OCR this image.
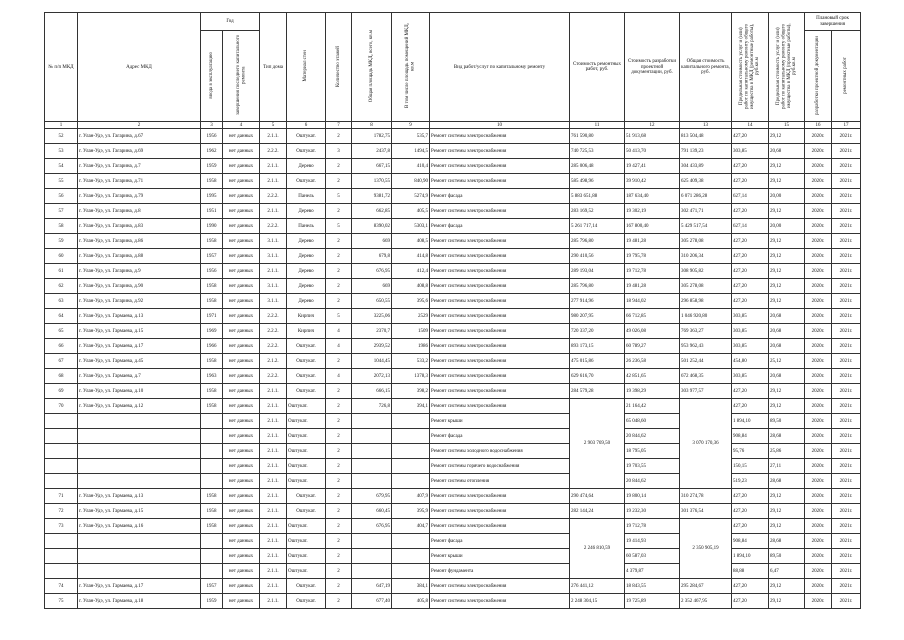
№ п/п МКД	Адрес МКД	Год		Тип дома	Материал стен	Количество этажей	Общая площадь МКД, всего, кв.м	В том числе площадь помещений МКД, кв.м	Вид работ/услуг по капитальному ремонту	Стоимость ремонтных работ, руб.	Стоимость разработки проектной документации, руб.	Общая стоимость капитального ремонта, руб.	Предельная стоимость услуг и (или) работ по капитальному ремонту общего имущества в МКД (ремонтные работы), руб.кв.м	Предельная стоимость услуг и (или) работ по капитальному ремонту общего имущества в МКД (проектные работы), руб.кв.м	Плановый срок завершения	
		ввода в эксплуатацию	завершения последнего капитального ремонта												разработки проектной документации	ремонтных работ
1	2	3	4	5	6	7	8	9	10	11	12	13	14	15	16	17
52	г. Улан-Удэ, ул. Гагарина, д.67	1956	нет данных	2.1.1.	Оштукат.	2	1782,75	535,7	Ремонт системы электроснабжения	761 590,80	51 913,68	813 504,48	427,20	29,12	2020г.	2021г.
53	г. Улан-Удэ, ул. Гагарина, д.69	1962	нет данных	2.2.2.	Оштукат.	3	2437,8	1494,5	Ремонт системы электроснабжения	740 725,53	50 413,70	791 139,23	303,85	20,68	2020г.	2021г.
54	г. Улан-Удэ, ул. Гагарина, д.7	1959	нет данных	2.1.1.	Дерево	2	667,15	410,4	Ремонт системы электроснабжения	285 006,48	19 427,41	304 433,89	427,20	29,12	2020г.	2021г.
55	г. Улан-Удэ, ул. Гагарина, д.71	1958	нет данных	2.1.1.	Оштукат.	2	1370,55	840,90	Ремонт системы электроснабжения	585 498,96	39 910,42	625 409,38	427,20	29,12	2020г.	2021г.
56	г. Улан-Удэ, ул. Гагарина, д.79	1995	нет данных	2.2.2.	Панель	5	9381,72	5274,9	Ремонт фасада	5 883 651,88	187 634,40	6 071 286,28	627,14	20,00	2020г.	2021г.
57	г. Улан-Удэ, ул. Гагарина, д.8	1951	нет данных	2.1.1.	Дерево	2	662,85	405,5	Ремонт системы электроснабжения	283 169,52	19 302,19	302 471,71	427,20	29,12	2020г.	2021г.
58	г. Улан-Удэ, ул. Гагарина, д.83	1990	нет данных	2.2.2.	Панель	5	8390,02	5303,1	Ремонт фасада	5 261 717,14	167 800,40	5 429 517,54	627,14	20,00	2020г.	2021г.
59	г. Улан-Удэ, ул. Гагарина, д.86	1958	нет данных	3.1.1.	Дерево	2	669	408,5	Ремонт системы электроснабжения	285 796,80	19 481,28	305 278,08	427,20	29,12	2020г.	2021г.
60	г. Улан-Удэ, ул. Гагарина, д.88	1957	нет данных	3.1.1.	Дерево	2	679,8	414,8	Ремонт системы электроснабжения	290 410,56	19 795,78	310 206,34	427,20	29,12	2020г.	2021г.
61	г. Улан-Удэ, ул. Гагарина, д.9	1956	нет данных	2.1.1.	Дерево	2	676,95	412,4	Ремонт системы электроснабжения	289 193,04	19 712,78	308 905,82	427,20	29,12	2020г.	2021г.
62	г. Улан-Удэ, ул. Гагарина, д.90	1958	нет данных	3.1.1.	Дерево	2	669	408,8	Ремонт системы электроснабжения	285 796,80	19 481,28	305 278,08	427,20	29,12	2020г.	2021г.
63	г. Улан-Удэ, ул. Гагарина, д.92	1958	нет данных	3.1.1.	Дерево	2	650,55	395,6	Ремонт системы электроснабжения	277 914,96	18 944,02	296 858,98	427,20	29,12	2020г.	2021г.
64	г. Улан-Удэ, ул. Гармаева, д.13	1971	нет данных	2.2.2.	Кирпич	5	3225,06	2529	Ремонт системы электроснабжения	980 207,95	66 712,85	1 046 920,80	303,85	20,68	2020г.	2021г.
65	г. Улан-Удэ, ул. Гармаева, д.15	1969	нет данных	2.2.2.	Кирпич	4	2370,7	1509	Ремонт системы электроснабжения	720 337,20	49 026,08	769 363,27	303,85	20,68	2020г.	2021г.
66	г. Улан-Удэ, ул. Гармаева, д.17	1966	нет данных	2.2.2.	Оштукат.	4	2939,52	1986	Ремонт системы электроснабжения	893 173,15	60 789,27	953 962,43	303,85	20,68	2020г.	2021г.
67	г. Улан-Удэ, ул. Гармаева, д.45	1958	нет данных	2.1.2.	Оштукат.	2	1044,45	533,2	Ремонт системы электроснабжения	475 015,86	26 236,58	501 252,44	454,80	25,12	2020г.	2021г.
68	г. Улан-Удэ, ул. Гармаева, д.7	1963	нет данных	2.2.2.	Оштукат.	4	2072,13	1378,3	Ремонт системы электроснабжения	629 616,70	42 851,65	672 468,35	303,85	20,68	2020г.	2021г.
69	г. Улан-Удэ, ул. Гармаева, д.10	1958	нет данных	2.1.1.	Оштукат.	2	666,15	398,2	Ремонт системы электроснабжения	284 579,28	19 398,29	303 977,57	427,20	29,12	2020г.	2021г.
70	г. Улан-Удэ, ул. Гармаева, д.12	1958	нет данных	2.1.1.	Оштукат.	2	726,8	394,1	Ремонт системы электроснабжения	2 903 769,50	21 164,42	3 070 170,36	427,20	29,12	2020г.	2021г.
			нет данных	2.1.1.	Оштукат.	2			Ремонт крыши		65 048,60		1 894,10	89,50	2020г.	2021г.
			нет данных	2.1.1.	Оштукат.	2			Ремонт фасада		20 844,62		908,84	28,68	2020г.	2021г.
			нет данных	2.1.1.	Оштукат.	2			Ремонт системы холодного водоснабжения		18 795,05		95,76	25,86	2020г.	2021г.
			нет данных	2.1.1.	Оштукат.	2			Ремонт системы горячего водоснабжения		19 703,55		150,15	27,11	2020г.	2021г.
			нет данных	2.1.1.	Оштукат.	2			Ремонт системы отопления		20 844,62		519,23	28,68	2020г.	2021г.
71	г. Улан-Удэ, ул. Гармаева, д.13	1958	нет данных	2.1.1.	Оштукат.	2	679,95	407,9	Ремонт системы электроснабжения	290 474,64	19 800,14	310 274,78	427,20	29,12	2020г.	2021г.
72	г. Улан-Удэ, ул. Гармаева, д.15	1958	нет данных	2.1.1.	Оштукат.	2	660,45	395,9	Ремонт системы электроснабжения	282 144,24	19 232,30	301 376,54	427,20	29,12	2020г.	2021г.
73	г. Улан-Удэ, ул. Гармаева, д.16	1958	нет данных	2.1.1.	Оштукат.	2	676,95	404,7	Ремонт системы электроснабжения	2 246 810,59	19 712,78	2 350 905,19	427,20	29,12	2020г.	2021г.
			нет данных	2.1.1.	Оштукат.	2			Ремонт фасада		19 414,93		908,84	28,68	2020г.	2021г.
			нет данных	2.1.1.	Оштукат.	2			Ремонт крыши		60 587,03		1 894,10	89,50	2020г.	2021г.
			нет данных	2.1.1.	Оштукат.	2			Ремонт фундамента		4 379,87		88,88	6,47	2020г.	2021г.
74	г. Улан-Удэ, ул. Гармаева, д.17	1957	нет данных	2.1.1.	Оштукат.	2	647,19	384,1	Ремонт системы электроснабжения	276 441,12	18 843,55	295 284,67	427,20	29,12	2020г.	2021г.
75	г. Улан-Удэ, ул. Гармаева, д.18	1959	нет данных	2.1.1.	Оштукат.	2	677,40	405,8	Ремонт системы электроснабжения	2 248 304,15	19 725,89	2 352 467,95	427,20	29,12	2020г.	2021г.
